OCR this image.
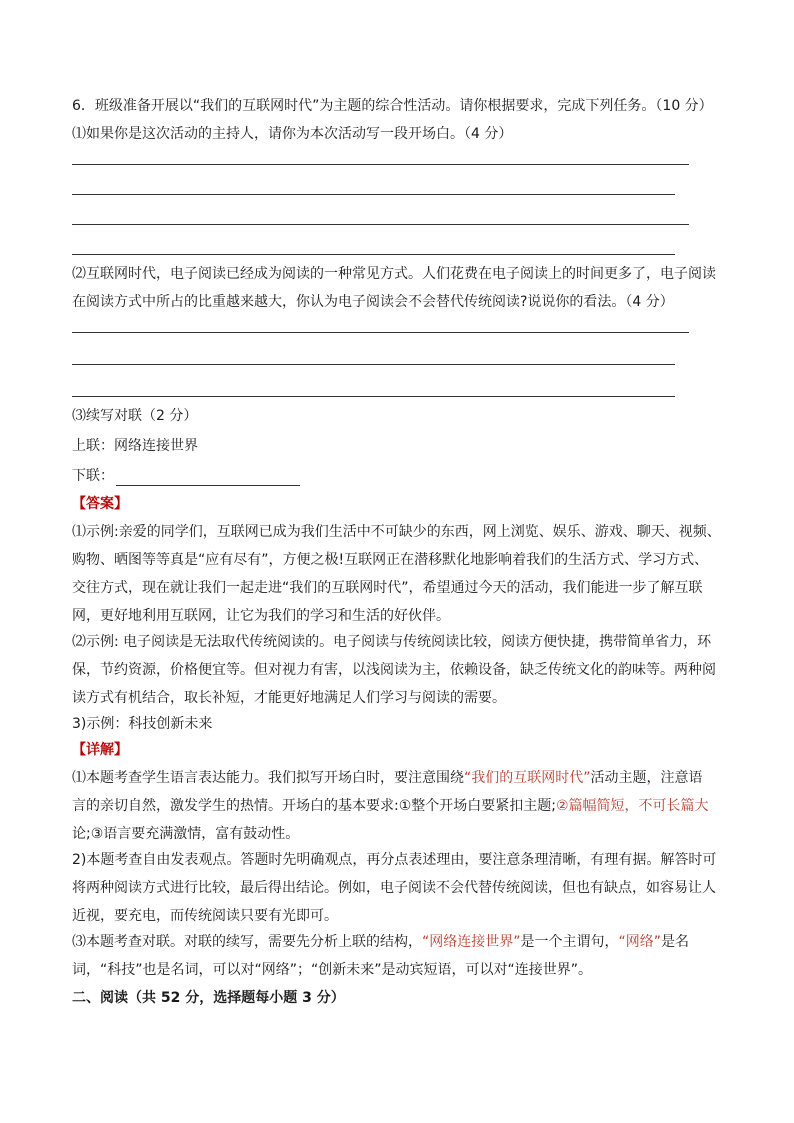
6．班级准备开展以“我们的互联网时代”为主题的综合性活动。请你根据要求，完成下列任务。（10 分）
⑴如果你是这次活动的主持人，请你为本次活动写一段开场白。（4 分）
⑵互联网时代，电子阅读已经成为阅读的一种常见方式。人们花费在电子阅读上的时间更多了，电子阅读
在阅读方式中所占的比重越来越大，你认为电子阅读会不会替代传统阅读?说说你的看法。（4 分）
⑶续写对联（2 分）
上联：网络连接世界
下联：
【答案】
⑴示例:亲爱的同学们，互联网已成为我们生活中不可缺少的东西，网上浏览、娱乐、游戏、聊天、视频、
购物、晒图等等真是“应有尽有”，方便之极!互联网正在潜移默化地影响着我们的生活方式、学习方式、
交往方式，现在就让我们一起走进“我们的互联网时代”，希望通过今天的活动，我们能进一步了解互联
网，更好地利用互联网，让它为我们的学习和生活的好伙伴。
⑵示例: 电子阅读是无法取代传统阅读的。电子阅读与传统阅读比较，阅读方便快捷，携带简单省力，环
保，节约资源，价格便宜等。但对视力有害，以浅阅读为主，依赖设备，缺乏传统文化的韵味等。两种阅
读方式有机结合，取长补短，才能更好地满足人们学习与阅读的需要。
3)示例：科技创新未来
【详解】
⑴本题考查学生语言表达能力。我们拟写开场白时，要注意围绕“我们的互联网时代”活动主题，注意语
言的亲切自然，激发学生的热情。开场白的基本要求:①整个开场白要紧扣主题;②篇幅简短，不可长篇大
论;③语言要充满激情，富有鼓动性。
2)本题考查自由发表观点。答题时先明确观点，再分点表述理由，要注意条理清晰，有理有据。解答时可
将两种阅读方式进行比较，最后得出结论。例如，电子阅读不会代替传统阅读，但也有缺点，如容易让人
近视，要充电，而传统阅读只要有光即可。
⑶本题考查对联。对联的续写，需要先分析上联的结构，“网络连接世界”是一个主谓句，“网络”是名
词，“科技”也是名词，可以对“网络”；“创新未来”是动宾短语，可以对“连接世界”。
二、阅读（共 52 分，选择题每小题 3 分）
